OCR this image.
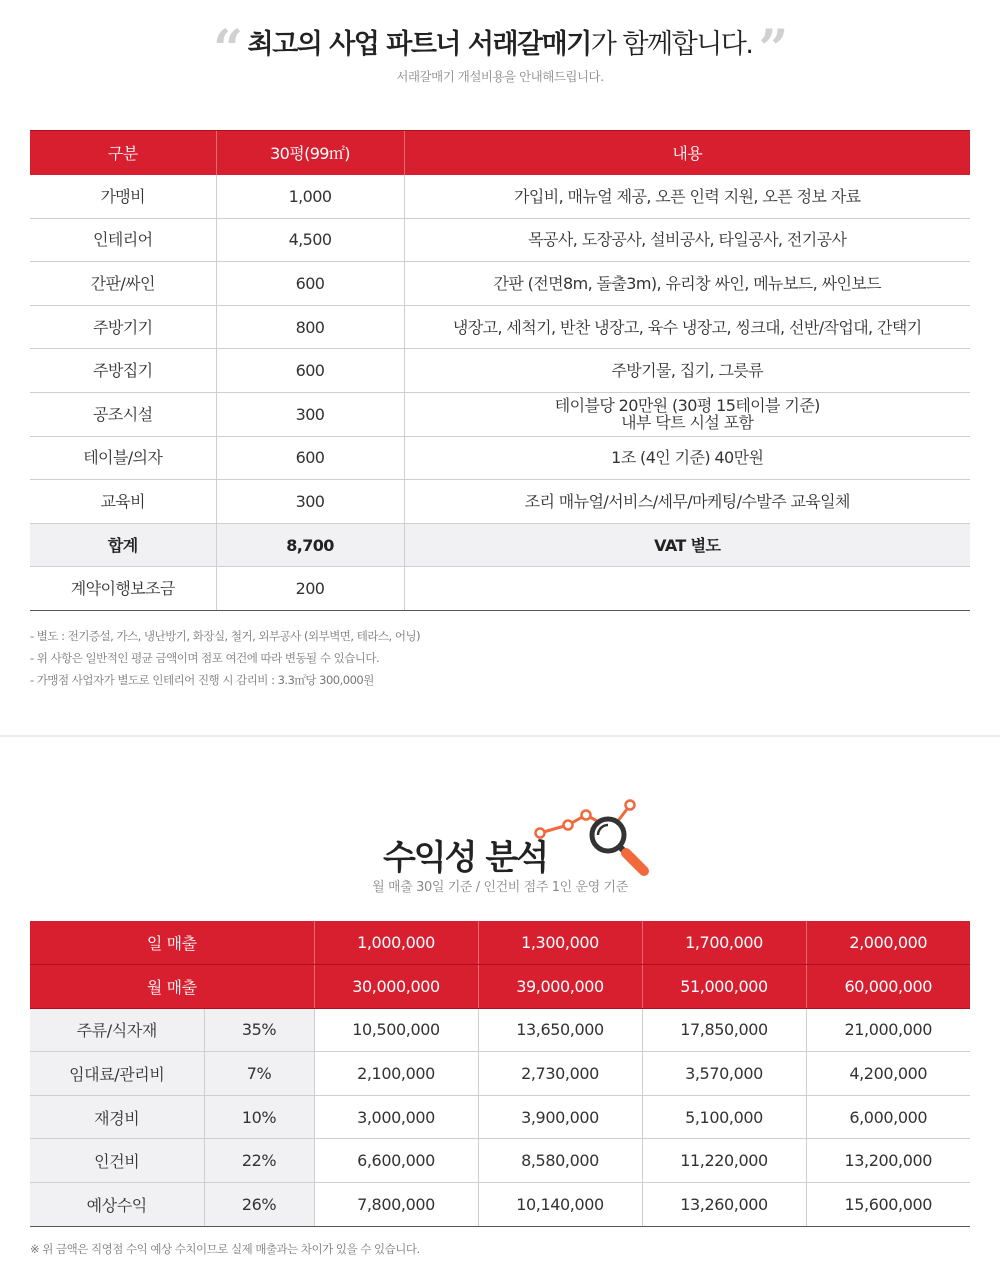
“ 최고의 사업 파트너 서래갈매기가 함께합니다. ”
서래갈매기 개설비용을 안내해드립니다.
구분	30평(99㎡)	내용
가맹비	1,000	가입비, 매뉴얼 제공, 오픈 인력 지원, 오픈 정보 자료
인테리어	4,500	목공사, 도장공사, 설비공사, 타일공사, 전기공사
간판/싸인	600	간판 (전면8m, 돌출3m), 유리창 싸인, 메뉴보드, 싸인보드
주방기기	800	냉장고, 세척기, 반찬 냉장고, 육수 냉장고, 씽크대, 선반/작업대, 간택기
주방집기	600	주방기물, 집기, 그릇류
공조시설	300	테이블당 20만원 (30평 15테이블 기준)
내부 닥트 시설 포함

테이블/의자	600	1조 (4인 기준) 40만원
교육비	300	조리 매뉴얼/서비스/세무/마케팅/수발주 교육일체
합계	8,700	VAT 별도
계약이행보조금	200	
- 별도 : 전기증설, 가스, 냉난방기, 화장실, 철거, 외부공사 (외부벽면, 테라스, 어닝)
- 위 사항은 일반적인 평균 금액이며 점포 여건에 따라 변동될 수 있습니다.
- 가맹점 사업자가 별도로 인테리어 진행 시 감리비 : 3.3㎡당 300,000원
수익성 분석
월 매출 30일 기준 / 인건비 점주 1인 운영 기준
일 매출		1,000,000	1,300,000	1,700,000	2,000,000
월 매출		30,000,000	39,000,000	51,000,000	60,000,000
주류/식자재	35%	10,500,000	13,650,000	17,850,000	21,000,000
임대료/관리비	7%	2,100,000	2,730,000	3,570,000	4,200,000
재경비	10%	3,000,000	3,900,000	5,100,000	6,000,000
인건비	22%	6,600,000	8,580,000	11,220,000	13,200,000
예상수익	26%	7,800,000	10,140,000	13,260,000	15,600,000
※ 위 금액은 직영점 수익 예상 수치이므로 실제 매출과는 차이가 있을 수 있습니다.
